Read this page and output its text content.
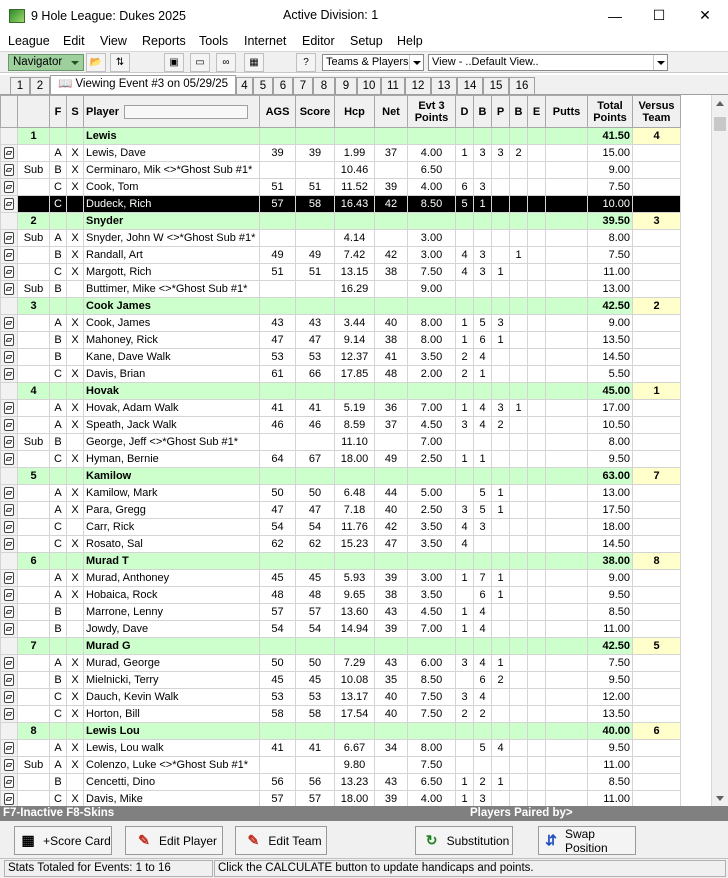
9 Hole League: Dukes 2025	Active Division: 1	—	☐	✕
League Edit View Reports Tools Internet Editor Setup Help
Navigator	📂	⇅	▣	▭	∞	▦	?	Teams & Players	View - ..Default View..
1	2	📖 Viewing Event #3 on 05/29/25	4	5	6	7	8	9	10	11	12	13	14	15	16
		F	S	Player	AGS	Score	Hcp	Net	Evt 3 Points	D	B	P	B	E	Putts	Total Points	Versus Team
	1			Lewis												41.50	4
▱		A	X	Lewis, Dave	39	39	1.99	37	4.00	1	3	3	2			15.00	
▱	Sub	B	X	Cerminaro, Mik <>*Ghost Sub #1*			10.46		6.50							9.00	
▱		C	X	Cook, Tom	51	51	11.52	39	4.00	6	3					7.50	
▱		C		Dudeck, Rich	57	58	16.43	42	8.50	5	1					10.00	
	2			Snyder												39.50	3
▱	Sub	A	X	Snyder, John W <>*Ghost Sub #1*			4.14		3.00							8.00	
▱		B	X	Randall, Art	49	49	7.42	42	3.00	4	3		1			7.50	
▱		C	X	Margott, Rich	51	51	13.15	38	7.50	4	3	1				11.00	
▱	Sub	B		Buttimer, Mike <>*Ghost Sub #1*			16.29		9.00							13.00	
	3			Cook James												42.50	2
▱		A	X	Cook, James	43	43	3.44	40	8.00	1	5	3				9.00	
▱		B	X	Mahoney, Rick	47	47	9.14	38	8.00	1	6	1				13.50	
▱		B		Kane, Dave Walk	53	53	12.37	41	3.50	2	4					14.50	
▱		C	X	Davis, Brian	61	66	17.85	48	2.00	2	1					5.50	
	4			Hovak												45.00	1
▱		A	X	Hovak, Adam Walk	41	41	5.19	36	7.00	1	4	3	1			17.00	
▱		A	X	Speath, Jack Walk	46	46	8.59	37	4.50	3	4	2				10.50	
▱	Sub	B		George, Jeff <>*Ghost Sub #1*			11.10		7.00							8.00	
▱		C	X	Hyman, Bernie	64	67	18.00	49	2.50	1	1					9.50	
	5			Kamilow												63.00	7
▱		A	X	Kamilow, Mark	50	50	6.48	44	5.00		5	1				13.00	
▱		A	X	Para, Gregg	47	47	7.18	40	2.50	3	5	1				17.50	
▱		C		Carr, Rick	54	54	11.76	42	3.50	4	3					18.00	
▱		C	X	Rosato, Sal	62	62	15.23	47	3.50	4						14.50	
	6			Murad T												38.00	8
▱		A	X	Murad, Anthoney	45	45	5.93	39	3.00	1	7	1				9.00	
▱		A	X	Hobaica, Rock	48	48	9.65	38	3.50		6	1				9.50	
▱		B		Marrone, Lenny	57	57	13.60	43	4.50	1	4					8.50	
▱		B		Jowdy, Dave	54	54	14.94	39	7.00	1	4					11.00	
	7			Murad G												42.50	5
▱		A	X	Murad, George	50	50	7.29	43	6.00	3	4	1				7.50	
▱		B	X	Mielnicki, Terry	45	45	10.08	35	8.50		6	2				9.50	
▱		C	X	Dauch, Kevin Walk	53	53	13.17	40	7.50	3	4					12.00	
▱		C	X	Horton, Bill	58	58	17.54	40	7.50	2	2					13.50	
	8			Lewis Lou												40.00	6
▱		A	X	Lewis, Lou walk	41	41	6.67	34	8.00		5	4				9.50	
▱	Sub	A	X	Colenzo, Luke <>*Ghost Sub #1*			9.80		7.50							11.00	
▱		B		Cencetti, Dino	56	56	13.23	43	6.50	1	2	1				8.50	
▱		C	X	Davis, Mike	57	57	18.00	39	4.00	1	3					11.00	
F7-Inactive F8-Skins	Players Paired by>
▦ +Score Card	✎ Edit Player	✎ Edit Team	↻ Substitution	⇵ Swap Position
Stats Totaled for Events: 1 to 16	Click the CALCULATE button to update handicaps and points.
